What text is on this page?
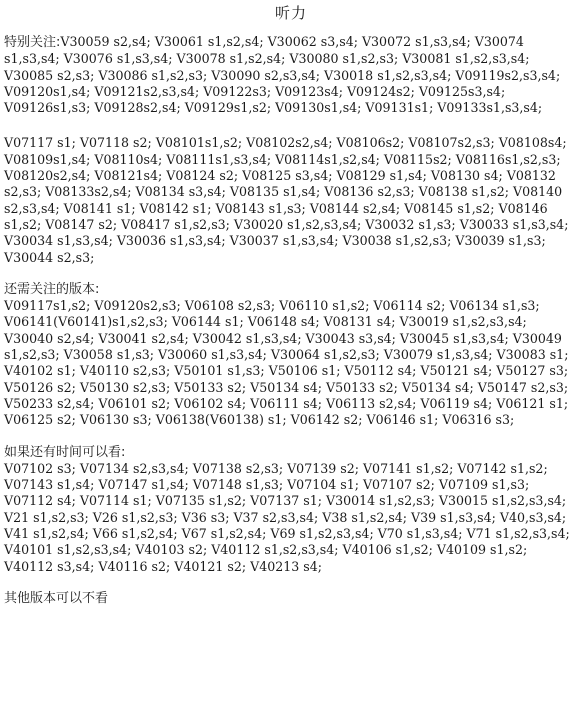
听力

特别关注:V30059 s2,s4; V30061 s1,s2,s4; V30062 s3,s4; V30072 s1,s3,s4; V30074 s1,s3,s4; V30076 s1,s3,s4; V30078 s1,s2,s4; V30080 s1,s2,s3; V30081 s1,s2,s3,s4; V30085 s2,s3; V30086 s1,s2,s3; V30090 s2,s3,s4; V30018 s1,s2,s3,s4; V09119s2,s3,s4; V09120s1,s4; V09121s2,s3,s4; V09122s3; V09123s4; V09124s2; V09125s3,s4; V09126s1,s3; V09128s2,s4; V09129s1,s2; V09130s1,s4; V09131s1; V09133s1,s3,s4;

V07117 s1; V07118 s2; V08101s1,s2; V08102s2,s4; V08106s2; V08107s2,s3; V08108s4; V08109s1,s4; V08110s4; V08111s1,s3,s4; V08114s1,s2,s4; V08115s2; V08116s1,s2,s3; V08120s2,s4; V08121s4; V08124 s2; V08125 s3,s4; V08129 s1,s4; V08130 s4; V08132 s2,s3; V08133s2,s4; V08134 s3,s4; V08135 s1,s4; V08136 s2,s3; V08138 s1,s2; V08140 s2,s3,s4; V08141 s1; V08142 s1; V08143 s1,s3; V08144 s2,s4; V08145 s1,s2; V08146 s1,s2; V08147 s2; V08417 s1,s2,s3; V30020 s1,s2,s3,s4; V30032 s1,s3; V30033 s1,s3,s4; V30034 s1,s3,s4; V30036 s1,s3,s4; V30037 s1,s3,s4; V30038 s1,s2,s3; V30039 s1,s3; V30044 s2,s3;

还需关注的版本:

V09117s1,s2; V09120s2,s3; V06108 s2,s3; V06110 s1,s2; V06114 s2; V06134 s1,s3; V06141(V60141)s1,s2,s3; V06144 s1; V06148 s4; V08131 s4; V30019 s1,s2,s3,s4; V30040 s2,s4; V30041 s2,s4; V30042 s1,s3,s4; V30043 s3,s4; V30045 s1,s3,s4; V30049 s1,s2,s3; V30058 s1,s3; V30060 s1,s3,s4; V30064 s1,s2,s3; V30079 s1,s3,s4; V30083 s1; V40102 s1; V40110 s2,s3; V50101 s1,s3; V50106 s1; V50112 s4; V50121 s4; V50127 s3; V50126 s2; V50130 s2,s3; V50133 s2; V50134 s4; V50133 s2; V50134 s4; V50147 s2,s3; V50233 s2,s4; V06101 s2; V06102 s4; V06111 s4; V06113 s2,s4; V06119 s4; V06121 s1; V06125 s2; V06130 s3; V06138(V60138) s1; V06142 s2; V06146 s1; V06316 s3;

如果还有时间可以看:

V07102 s3; V07134 s2,s3,s4; V07138 s2,s3; V07139 s2; V07141 s1,s2; V07142 s1,s2; V07143 s1,s4; V07147 s1,s4; V07148 s1,s3; V07104 s1; V07107 s2; V07109 s1,s3; V07112 s4; V07114 s1; V07135 s1,s2; V07137 s1; V30014 s1,s2,s3; V30015 s1,s2,s3,s4; V21 s1,s2,s3; V26 s1,s2,s3; V36 s3; V37 s2,s3,s4; V38 s1,s2,s4; V39 s1,s3,s4; V40,s3,s4; V41 s1,s2,s4; V66 s1,s2,s4; V67 s1,s2,s4; V69 s1,s2,s3,s4; V70 s1,s3,s4; V71 s1,s2,s3,s4; V40101 s1,s2,s3,s4; V40103 s2; V40112 s1,s2,s3,s4; V40106 s1,s2; V40109 s1,s2; V40112 s3,s4; V40116 s2; V40121 s2; V40213 s4;

其他版本可以不看
